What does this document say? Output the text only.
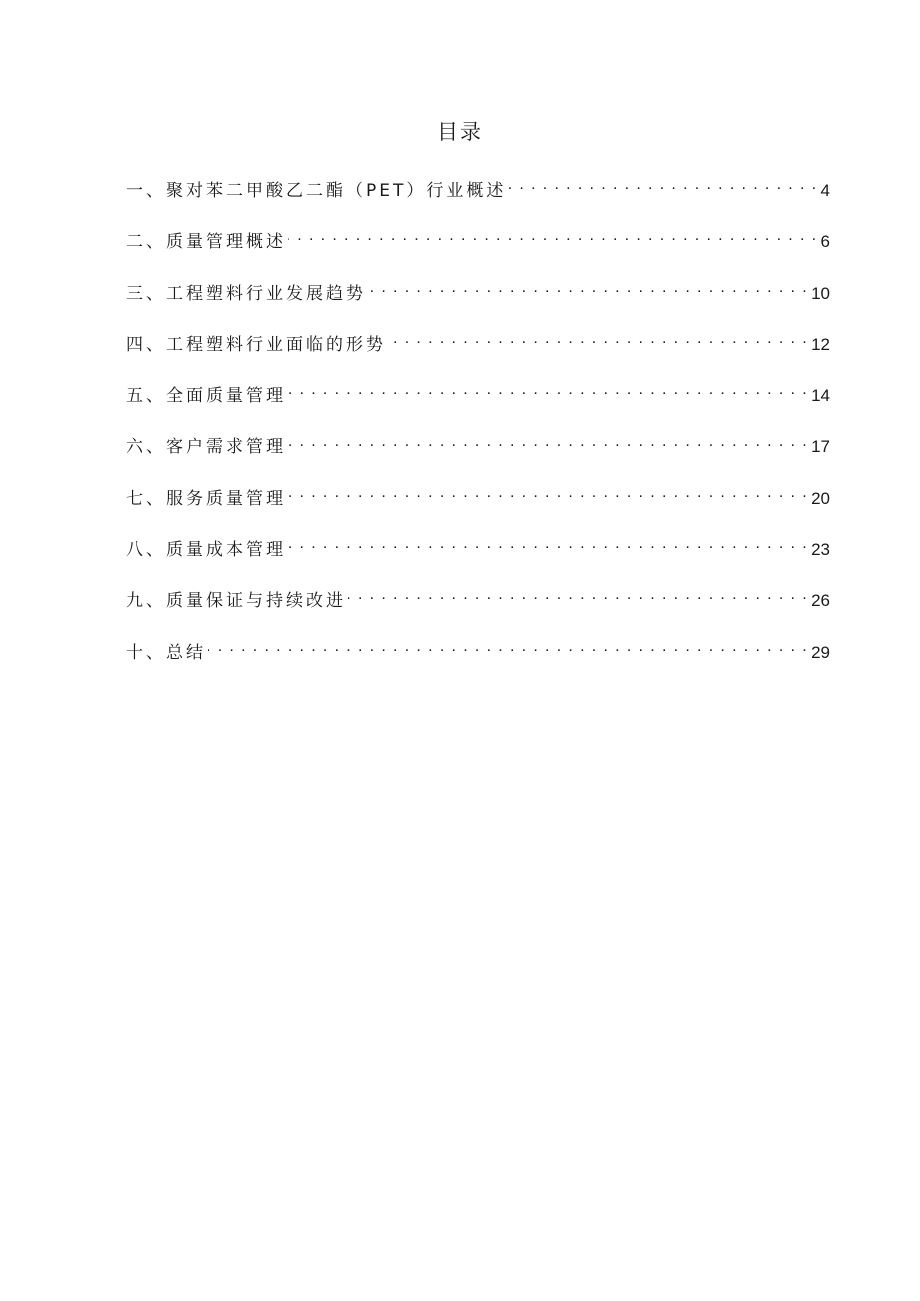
目录
一、聚对苯二甲酸乙二酯（PET）行业概述 . . .	4
二、质量管理概述 . . .	6
三、工程塑料行业发展趋势 . . .	10
四、工程塑料行业面临的形势 . . .	12
五、全面质量管理 . . .	14
六、客户需求管理 . . .	17
七、服务质量管理 . . .	20
八、质量成本管理 . . .	23
九、质量保证与持续改进 . . .	26
十、总结 . . .	29
